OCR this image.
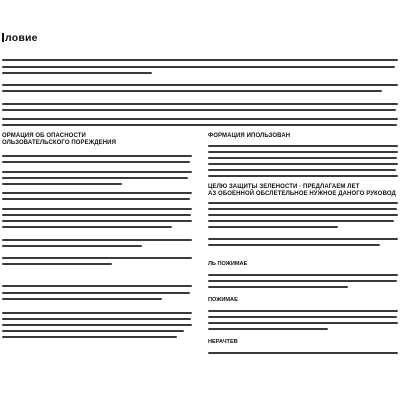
ловие
ОРМАЦИЯ ОБ ОПАСНОСТИ
ОЛЬЗОВАТЕЛЬСКОГО ПОРЕЖДЕНИЯ
ФОРМАЦИЯ ИПОЛЬЗОВАН
ЦЕЛЮ ЗАЩИТЫ ЗЕЛЕНОСТИ · ПРЕДЛАГАЕМ ЛЕТ
АЗ ОБОЕННОЙ ОБСЛЕТЕЛЬНОЕ НУЖНОЕ ДАНОГО РУКОВОД
ЛЬ ПОЖИМАЕ
ПОЖИМАЕ
НЕРАЧТЕВ
